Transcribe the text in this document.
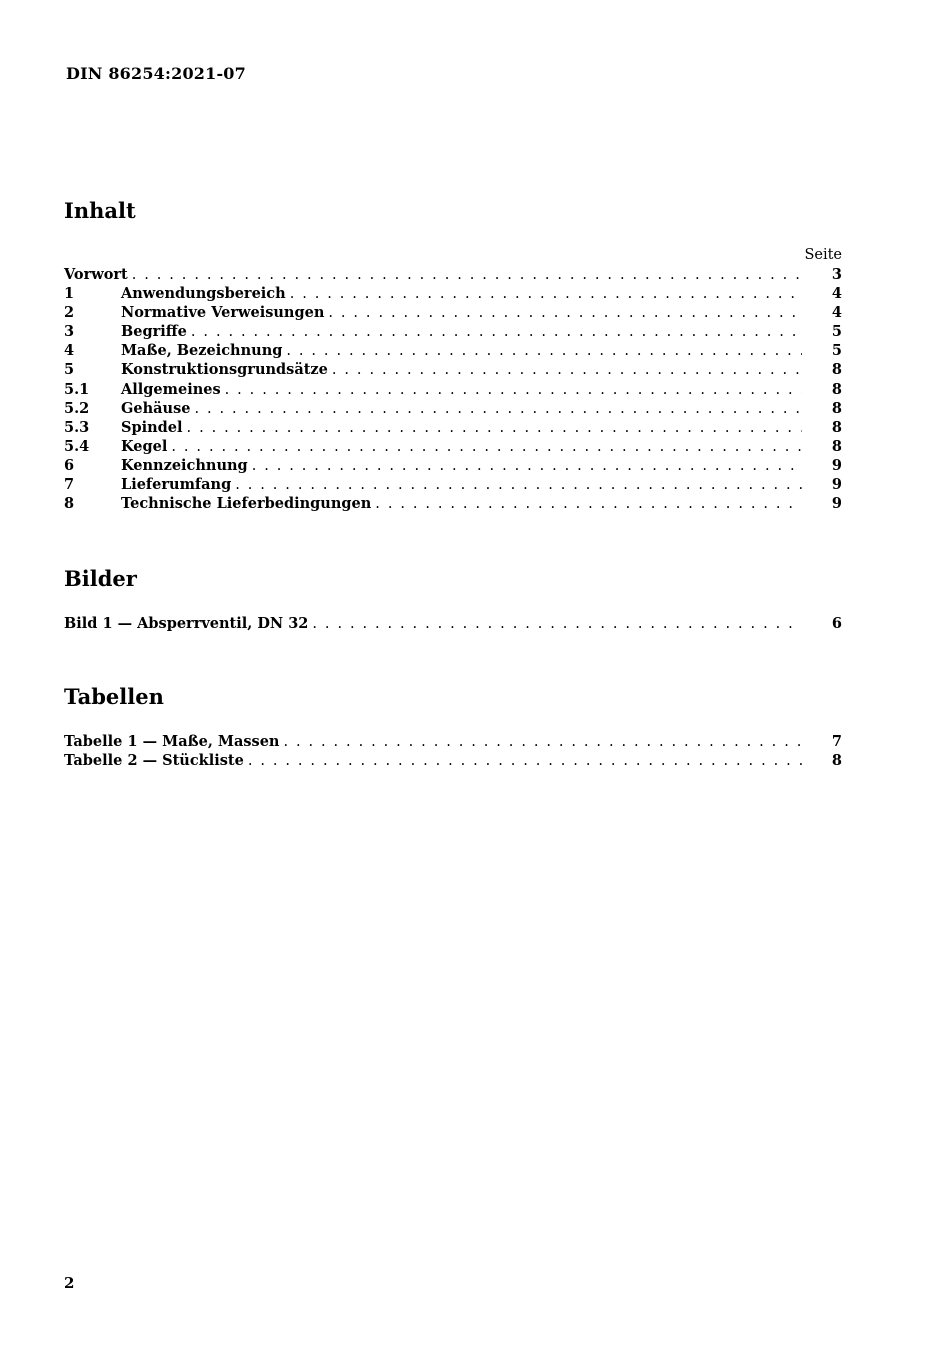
DIN 86254:2021-07
Inhalt
Seite
Vorwort . . .	3
1	Anwendungsbereich . . .	4
2	Normative Verweisungen . . .	4
3	Begriffe . . .	5
4	Maße, Bezeichnung . . .	5
5	Konstruktionsgrundsätze . . .	8
5.1	Allgemeines . . .	8
5.2	Gehäuse . . .	8
5.3	Spindel . . .	8
5.4	Kegel . . .	8
6	Kennzeichnung . . .	9
7	Lieferumfang . . .	9
8	Technische Lieferbedingungen . . .	9
Bilder
Bild 1 — Absperrventil, DN 32 . . .	6
Tabellen
Tabelle 1 — Maße, Massen . . .	7
Tabelle 2 — Stückliste . . .	8
2
